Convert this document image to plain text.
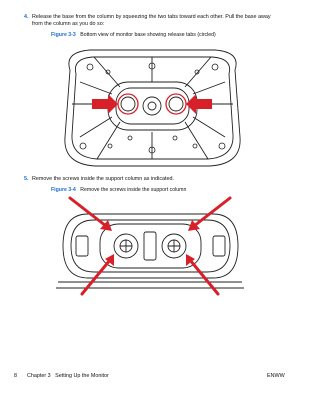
4. Release the base from the column by squeezing the two tabs toward each other. Pull the base away from the column as you do so:
Figure 3-3 Bottom view of monitor base showing release tabs (circled)
5. Remove the screws inside the support column as indicated.
Figure 3-4 Remove the screws inside the support column
8 Chapter 3   Setting Up the Monitor	ENWW
